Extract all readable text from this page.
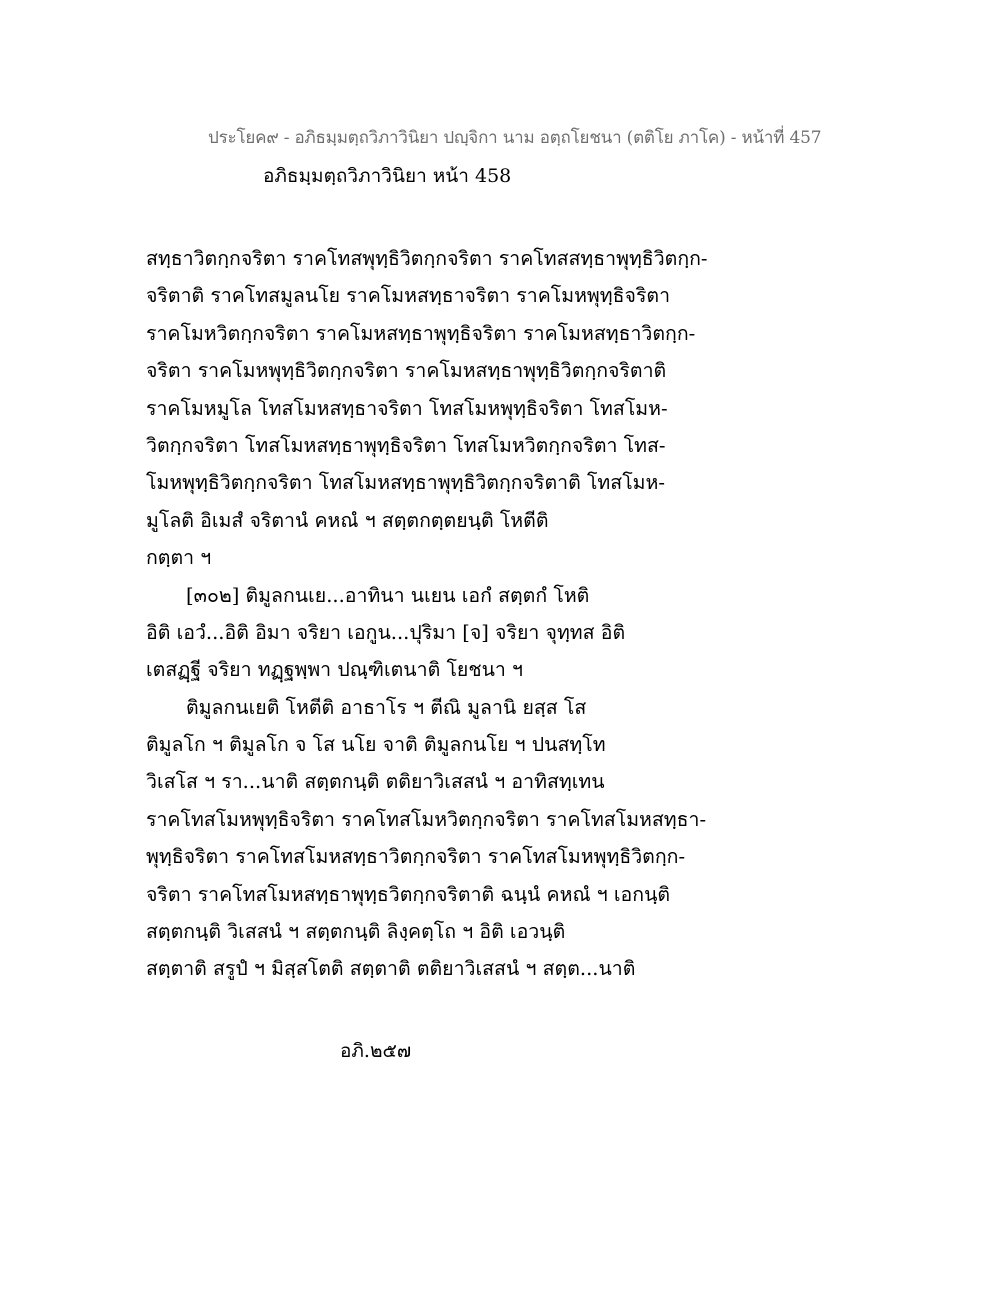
ประโยค๙ - อภิธมฺมตฺถวิภาวินิยา ปญฺจิกา นาม อตฺถโยชนา (ตติโย ภาโค) - หน้าที่ 457
อภิธมฺมตฺถวิภาวินิยา หน้า 458
สทฺธาวิตกฺกจริตา ราคโทสพุทฺธิวิตกฺกจริตา ราคโทสสทฺธาพุทฺธิวิตกฺก-
จริตาติ ราคโทสมูลนโย ราคโมหสทฺธาจริตา ราคโมหพุทฺธิจริตา
ราคโมหวิตกฺกจริตา ราคโมหสทฺธาพุทฺธิจริตา ราคโมหสทฺธาวิตกฺก-
จริตา ราคโมหพุทฺธิวิตกฺกจริตา ราคโมหสทฺธาพุทฺธิวิตกฺกจริตาติ
ราคโมหมูโล โทสโมหสทฺธาจริตา โทสโมหพุทฺธิจริตา โทสโมห-
วิตกฺกจริตา โทสโมหสทฺธาพุทฺธิจริตา โทสโมหวิตกฺกจริตา โทส-
โมหพุทฺธิวิตกฺกจริตา โทสโมหสทฺธาพุทฺธิวิตกฺกจริตาติ โทสโมห-
มูโลติ อิเมสํ จริตานํ คหณํ ฯ สตฺตกตฺตยนฺติ โหตีติ
กตฺตา ฯ
[๓๐๒] ติมูลกนเย...อาทินา นเยน เอกํ สตฺตกํ โหติ
อิติ เอวํ...อิติ อิมา จริยา เอกูน...ปุริมา [จ] จริยา จุทฺทส อิติ
เตสฏฺฐี จริยา ทฏฺฐพฺพา ปณฺฑิเตนาติ โยชนา ฯ
ติมูลกนเยติ โหตีติ อาธาโร ฯ ตีณิ มูลานิ ยสฺส โส
ติมูลโก ฯ ติมูลโก จ โส นโย จาติ ติมูลกนโย ฯ ปนสทฺโท
วิเสโส ฯ รา...นาติ สตฺตกนฺติ ตติยาวิเสสนํ ฯ อาทิสทฺเทน
ราคโทสโมหพุทฺธิจริตา ราคโทสโมหวิตกฺกจริตา ราคโทสโมหสทฺธา-
พุทฺธิจริตา ราคโทสโมหสทฺธาวิตกฺกจริตา ราคโทสโมหพุทฺธิวิตกฺก-
จริตา ราคโทสโมหสทฺธาพุทฺธวิตกฺกจริตาติ ฉนฺนํ คหณํ ฯ เอกนฺติ
สตฺตกนฺติ วิเสสนํ ฯ สตฺตกนฺติ ลิงฺคตฺโถ ฯ อิติ เอวนฺติ
สตฺตาติ สรูปํ ฯ มิสฺสโตติ สตฺตาติ ตติยาวิเสสนํ ฯ สตฺต...นาติ
อภิ.๒๕๗
